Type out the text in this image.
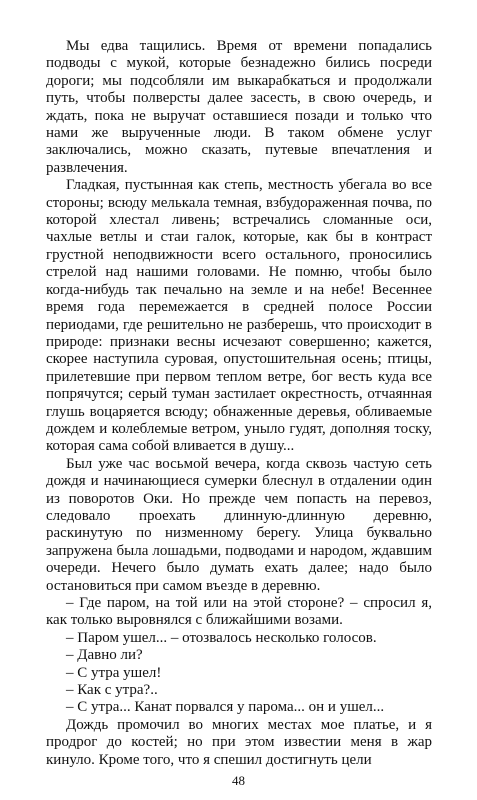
Мы едва тащились. Время от времени попадались подводы с мукой, которые безнадежно бились посреди дороги; мы подсобляли им выкарабкаться и продолжали путь, чтобы полверсты далее засесть, в свою очередь, и ждать, пока не выручат оставшиеся позади и только что нами же вырученные люди. В таком обмене услуг заключались, можно сказать, путевые впечатления и развлечения.

Гладкая, пустынная как степь, местность убегала во все стороны; всюду мелькала темная, взбудораженная почва, по которой хлестал ливень; встречались сломанные оси, чахлые ветлы и стаи галок, которые, как бы в контраст грустной неподвижности всего остального, проносились стрелой над нашими головами. Не помню, чтобы было когда-нибудь так печально на земле и на небе! Весеннее время года перемежается в средней полосе России периодами, где решительно не разберешь, что происходит в природе: признаки весны исчезают совершенно; кажется, скорее наступила суровая, опустошительная осень; птицы, прилетевшие при первом теплом ветре, бог весть куда все попрячутся; серый туман застилает окрестность, отчаянная глушь воцаряется всюду; обнаженные деревья, обливаемые дождем и колеблемые ветром, уныло гудят, дополняя тоску, которая сама собой вливается в душу...

Был уже час восьмой вечера, когда сквозь частую сеть дождя и начинающиеся сумерки блеснул в отдалении один из поворотов Оки. Но прежде чем попасть на перевоз, следовало проехать длинную-длинную деревню, раскинутую по низменному берегу. Улица буквально запружена была лошадьми, подводами и народом, ждавшим очереди. Нечего было думать ехать далее; надо было остановиться при самом въезде в деревню.

– Где паром, на той или на этой стороне? – спросил я, как только выровнялся с ближайшими возами.

– Паром ушел... – отозвалось несколько голосов.

– Давно ли?

– С утра ушел!

– Как с утра?..

– С утра... Канат порвался у парома... он и ушел...

Дождь промочил во многих местах мое платье, и я продрог до костей; но при этом известии меня в жар кинуло. Кроме того, что я спешил достигнуть цели

48
